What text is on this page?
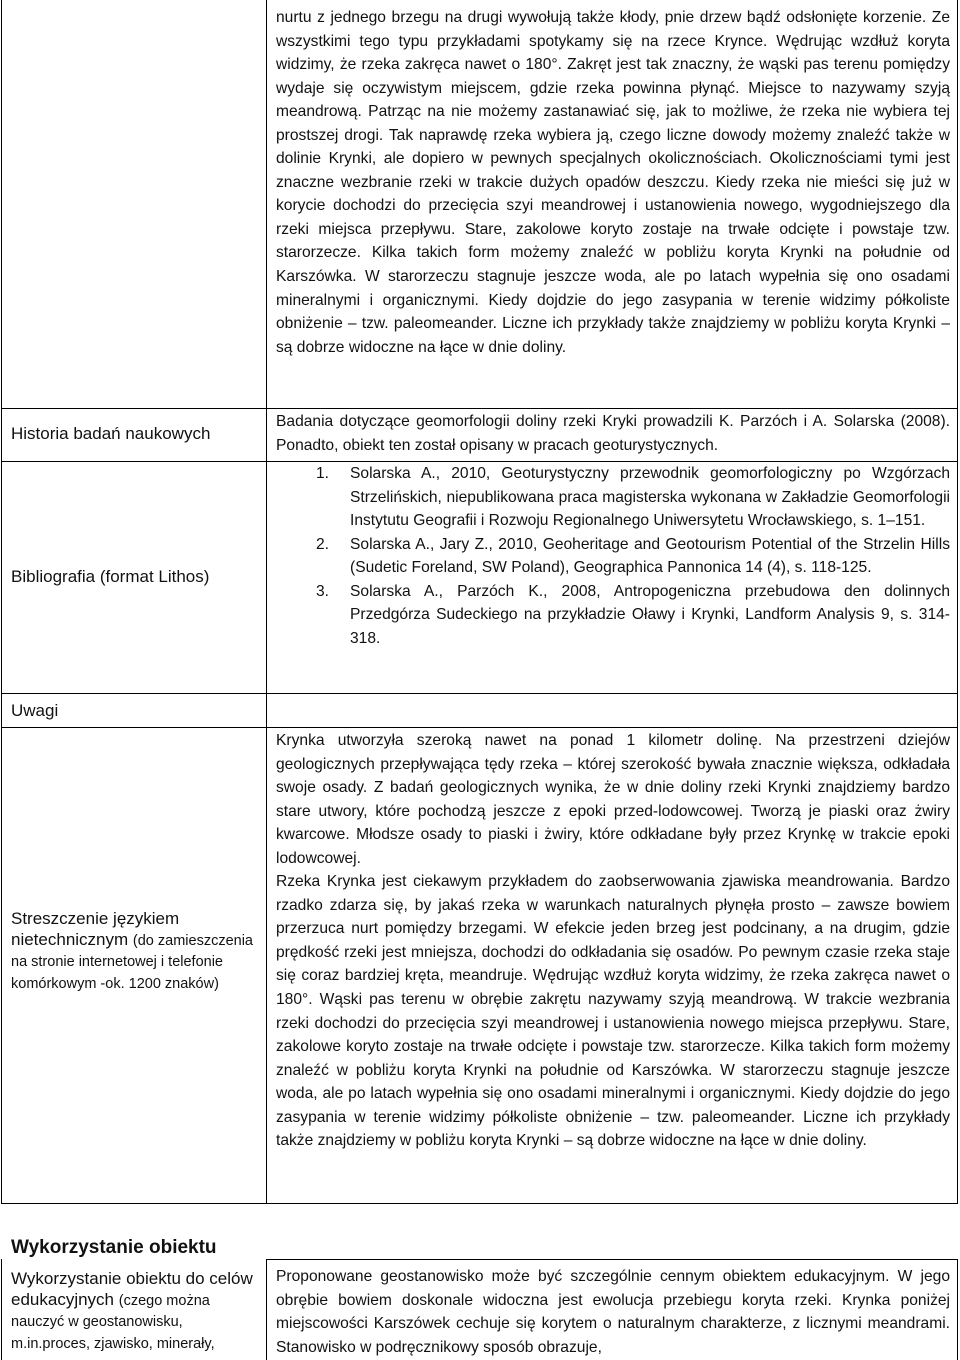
Historia badań naukowych
Bibliografia (format Lithos)
Uwagi
Streszczenie językiem nietechnicznym (do zamieszczenia na stronie internetowej i telefonie komórkowym -ok. 1200 znaków)
Wykorzystanie obiektu
Wykorzystanie obiektu do celów edukacyjnych (czego można nauczyć w geostanowisku, m.in.proces, zjawisko, minerały,

nurtu z jednego brzegu na drugi wywołują także kłody, pnie drzew bądź odsłonięte korzenie. Ze wszystkimi tego typu przykładami spotykamy się na rzece Kryncе. Wędrując wzdłuż koryta widzimy, że rzeka zakręca nawet o 180°. Zakręt jest tak znaczny, że wąski pas terenu pomiędzy wydaje się oczywistym miejscem, gdzie rzeka powinna płynąć. Miejsce to nazywamy szyją meandrową. Patrząc na nie możemy zastanawiać się, jak to możliwe, że rzeka nie wybiera tej prostszej drogi. Tak naprawdę rzeka wybiera ją, czego liczne dowody możemy znaleźć także w dolinie Krynki, ale dopiero w pewnych specjalnych okolicznościach. Okolicznościami tymi jest znaczne wezbranie rzeki w trakcie dużych opadów deszczu. Kiedy rzeka nie mieści się już w korycie dochodzi do przecięcia szyi meandrowej i ustanowienia nowego, wygodniejszego dla rzeki miejsca przepływu. Stare, zakolowe koryto zostaje na trwałe odcięte i powstaje tzw. starorzecze. Kilka takich form możemy znaleźć w pobliżu koryta Krynki na południe od Karszówka. W starorzeczu stagnuje jeszcze woda, ale po latach wypełnia się ono osadami mineralnymi i organicznymi. Kiedy dojdzie do jego zasypania w terenie widzimy półkoliste obniżenie – tzw. paleomeander. Liczne ich przykłady także znajdziemy w pobliżu koryta Krynki – są dobrze widoczne na łące w dnie doliny.

Badania dotyczące geomorfologii doliny rzeki Kryki prowadzili K. Parzóch i A. Solarska (2008). Ponadto, obiekt ten został opisany w pracach geoturystycznych.

1. Solarska A., 2010, Geoturystyczny przewodnik geomorfologiczny po Wzgórzach Strzelińskich, niepublikowana praca magisterska wykonana w Zakładzie Geomorfologii Instytutu Geografii i Rozwoju Regionalnego Uniwersytetu Wrocławskiego, s. 1–151.
2. Solarska A., Jary Z., 2010, Geoheritage and Geotourism Potential of the Strzelin Hills (Sudetic Foreland, SW Poland), Geographica Pannonica 14 (4), s. 118-125.
3. Solarska A., Parzóch K., 2008, Antropogeniczna przebudowa den dolinnych Przedgórza Sudeckiego na przykładzie Oławy i Krynki, Landform Analysis 9, s. 314-318.

Krynka utworzyła szeroką nawet na ponad 1 kilometr dolinę. Na przestrzeni dziejów geologicznych przepływająca tędy rzeka – której szerokość bywała znacznie większa, odkładała swoje osady. Z badań geologicznych wynika, że w dnie doliny rzeki Krynki znajdziemy bardzo stare utwory, które pochodzą jeszcze z epoki przed-lodowcowej. Tworzą je piaski oraz żwiry kwarcowe. Młodsze osady to piaski i żwiry, które odkładane były przez Krynkę w trakcie epoki lodowcowej.

Rzeka Krynka jest ciekawym przykładem do zaobserwowania zjawiska meandrowania. Bardzo rzadko zdarza się, by jakaś rzeka w warunkach naturalnych płynęła prosto – zawsze bowiem przerzuca nurt pomiędzy brzegami. W efekcie jeden brzeg jest podcinany, a na drugim, gdzie prędkość rzeki jest mniejsza, dochodzi do odkładania się osadów. Po pewnym czasie rzeka staje się coraz bardziej kręta, meandruje. Wędrując wzdłuż koryta widzimy, że rzeka zakręca nawet o 180°. Wąski pas terenu w obrębie zakrętu nazywamy szyją meandrową. W trakcie wezbrania rzeki dochodzi do przecięcia szyi meandrowej i ustanowienia nowego miejsca przepływu. Stare, zakolowe koryto zostaje na trwałe odcięte i powstaje tzw. starorzecze. Kilka takich form możemy znaleźć w pobliżu koryta Krynki na południe od Karszówka. W starorzeczu stagnuje jeszcze woda, ale po latach wypełnia się ono osadami mineralnymi i organicznymi. Kiedy dojdzie do jego zasypania w terenie widzimy półkoliste obniżenie – tzw. paleomeander. Liczne ich przykłady także znajdziemy w pobliżu koryta Krynki – są dobrze widoczne na łące w dnie doliny.

Proponowane geostanowisko może być szczególnie cennym obiektem edukacyjnym. W jego obrębie bowiem doskonale widoczna jest ewolucja przebiegu koryta rzeki. Krynka poniżej miejscowości Karszówek cechuje się korytem o naturalnym charakterze, z licznymi meandrami. Stanowisko w podręcznikowy sposób obrazuje,
